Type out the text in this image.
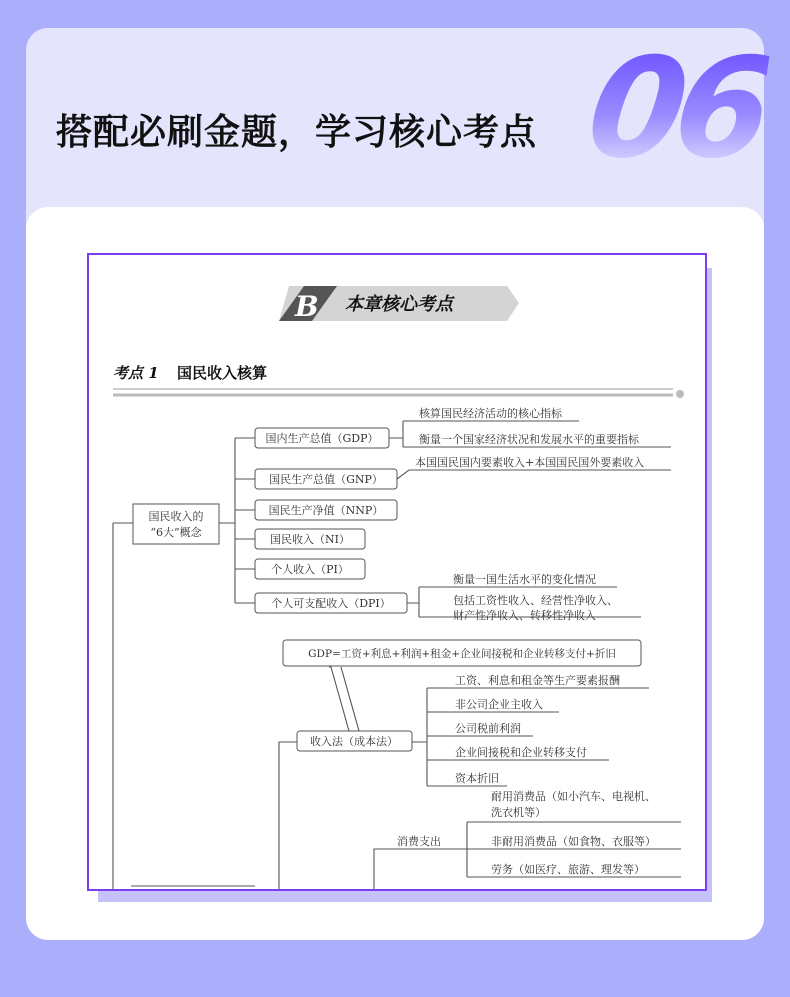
搭配必刷金题，学习核心考点 06
B 本章核心考点
考点 1 国民收入核算
国民收入的
“6大”概念
国内生产总值（GDP）
核算国民经济活动的核心指标
衡量一个国家经济状况和发展水平的重要指标
国民生产总值（GNP）
本国国民国内要素收入+本国国民国外要素收入
国民生产净值（NNP）
国民收入（NI）
个人收入（PI）
个人可支配收入（DPI）
衡量一国生活水平的变化情况
包括工资性收入、经营性净收入、
财产性净收入、转移性净收入
GDP=工资+利息+利润+租金+企业间接税和企业转移支付+折旧
收入法（成本法）
工资、利息和租金等生产要素报酬
非公司企业主收入
公司税前利润
企业间接税和企业转移支付
资本折旧
消费支出
耐用消费品（如小汽车、电视机、
洗衣机等）
非耐用消费品（如食物、衣服等）
劳务（如医疗、旅游、理发等）
